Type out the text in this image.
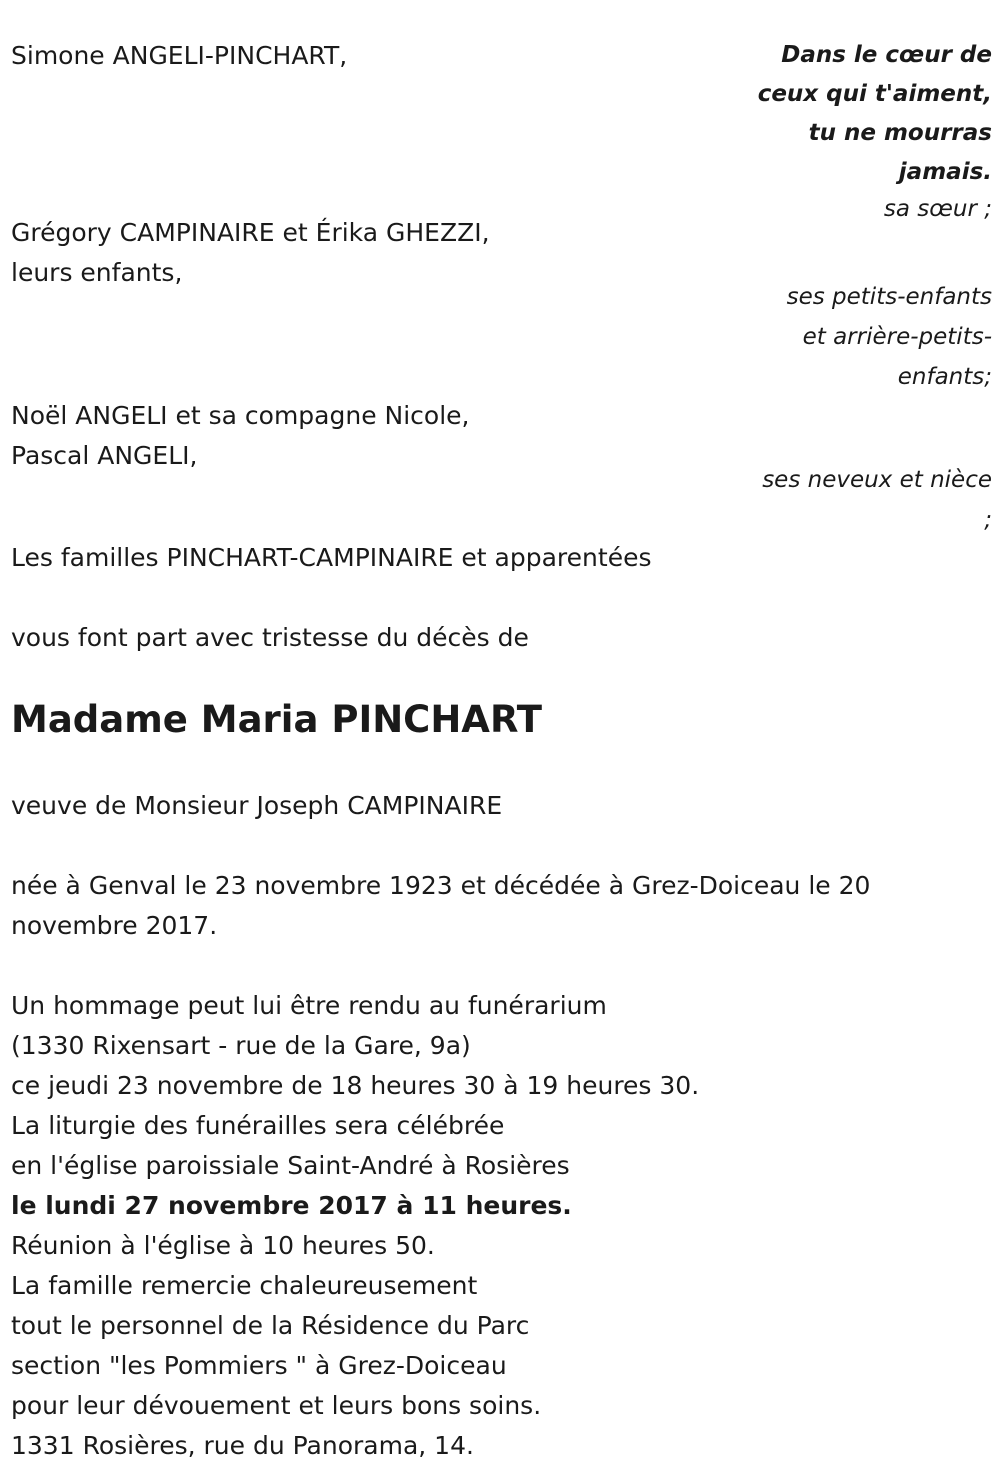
Simone ANGELI-PINCHART,	Dans le cœur de
ceux qui t'aiment,
tu ne mourras
jamais.
sa sœur ;
Grégory CAMPINAIRE et Érika GHEZZI,
leurs enfants,
ses petits-enfants
et arrière-petits-
enfants;
Noël ANGELI et sa compagne Nicole,
Pascal ANGELI,
ses neveux et nièce
;
Les familles PINCHART-CAMPINAIRE et apparentées
vous font part avec tristesse du décès de
Madame Maria PINCHART
veuve de Monsieur Joseph CAMPINAIRE
née à Genval le 23 novembre 1923 et décédée à Grez-Doiceau le 20
novembre 2017.
Un hommage peut lui être rendu au funérarium
(1330 Rixensart - rue de la Gare, 9a)
ce jeudi 23 novembre de 18 heures 30 à 19 heures 30.
La liturgie des funérailles sera célébrée
en l'église paroissiale Saint-André à Rosières
le lundi 27 novembre 2017 à 11 heures.
Réunion à l'église à 10 heures 50.
La famille remercie chaleureusement
tout le personnel de la Résidence du Parc
section "les Pommiers " à Grez-Doiceau
pour leur dévouement et leurs bons soins.
1331 Rosières, rue du Panorama, 14.
